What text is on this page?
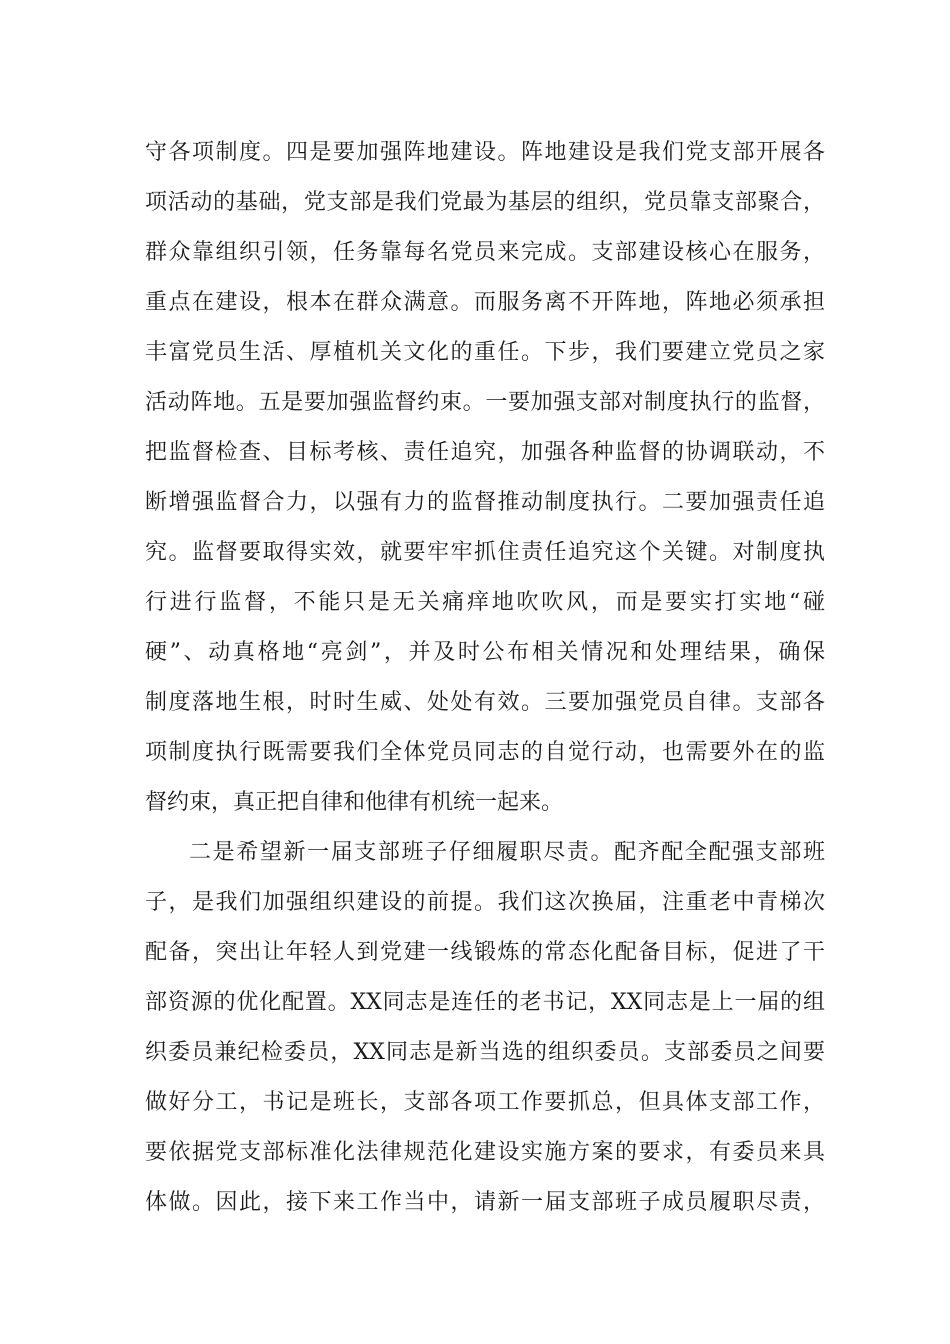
守各项制度。四是要加强阵地建设。阵地建设是我们党支部开展各
项活动的基础，党支部是我们党最为基层的组织，党员靠支部聚合，
群众靠组织引领，任务靠每名党员来完成。支部建设核心在服务，
重点在建设，根本在群众满意。而服务离不开阵地，阵地必须承担
丰富党员生活、厚植机关文化的重任。下步，我们要建立党员之家
活动阵地。五是要加强监督约束。一要加强支部对制度执行的监督，
把监督检查、目标考核、责任追究，加强各种监督的协调联动，不
断增强监督合力，以强有力的监督推动制度执行。二要加强责任追
究。监督要取得实效，就要牢牢抓住责任追究这个关键。对制度执
行进行监督，不能只是无关痛痒地吹吹风，而是要实打实地“碰
硬”、动真格地“亮剑”，并及时公布相关情况和处理结果，确保
制度落地生根，时时生威、处处有效。三要加强党员自律。支部各
项制度执行既需要我们全体党员同志的自觉行动，也需要外在的监
督约束，真正把自律和他律有机统一起来。
二是希望新一届支部班子仔细履职尽责。配齐配全配强支部班
子，是我们加强组织建设的前提。我们这次换届，注重老中青梯次
配备，突出让年轻人到党建一线锻炼的常态化配备目标，促进了干
部资源的优化配置。XX同志是连任的老书记，XX同志是上一届的组
织委员兼纪检委员，XX同志是新当选的组织委员。支部委员之间要
做好分工，书记是班长，支部各项工作要抓总，但具体支部工作，
要依据党支部标准化法律规范化建设实施方案的要求，有委员来具
体做。因此，接下来工作当中，请新一届支部班子成员履职尽责，
